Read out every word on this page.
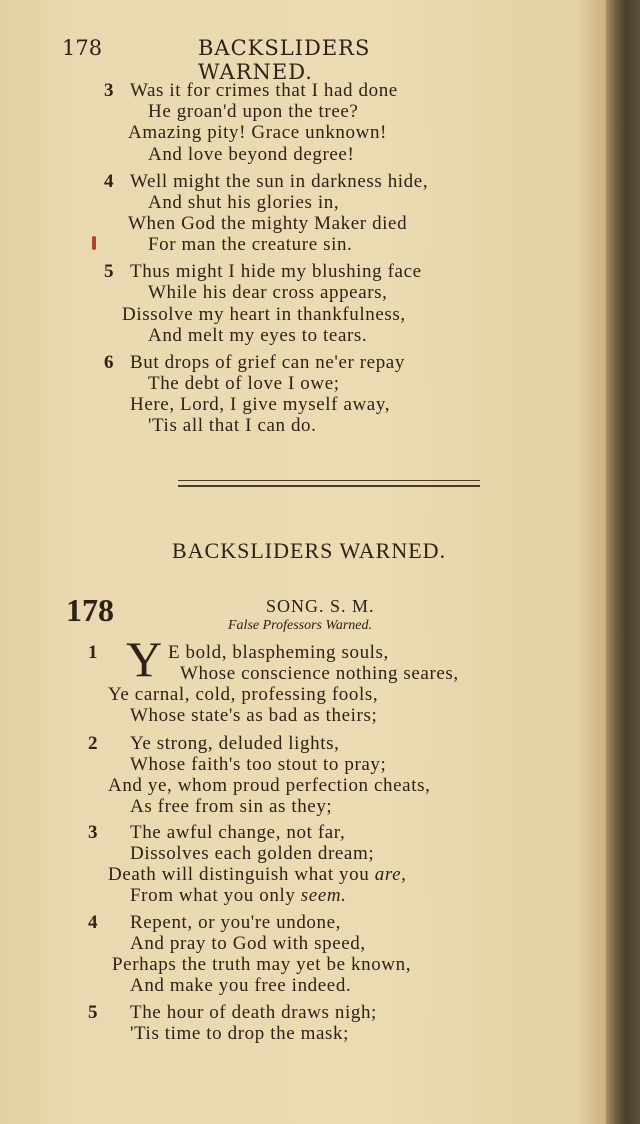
178	BACKSLIDERS WARNED.
3 Was it for crimes that I had done
He groan'd upon the tree?
Amazing pity! Grace unknown!
And love beyond degree!
4 Well might the sun in darkness hide,
And shut his glories in,
When God the mighty Maker died
For man the creature sin.
5 Thus might I hide my blushing face
While his dear cross appears,
Dissolve my heart in thankfulness,
And melt my eyes to tears.
6 But drops of grief can ne'er repay
The debt of love I owe;
Here, Lord, I give myself away,
'Tis all that I can do.
BACKSLIDERS WARNED.
178	SONG. S. M.
False Professors Warned.
1 Y E bold, blaspheming souls,
Whose conscience nothing seares,
Ye carnal, cold, professing fools,
Whose state's as bad as theirs;
2 Ye strong, deluded lights,
Whose faith's too stout to pray;
And ye, whom proud perfection cheats,
As free from sin as they;
3 The awful change, not far,
Dissolves each golden dream;
Death will distinguish what you are,
From what you only seem.
4 Repent, or you're undone,
And pray to God with speed,
Perhaps the truth may yet be known,
And make you free indeed.
5 The hour of death draws nigh;
'Tis time to drop the mask;
